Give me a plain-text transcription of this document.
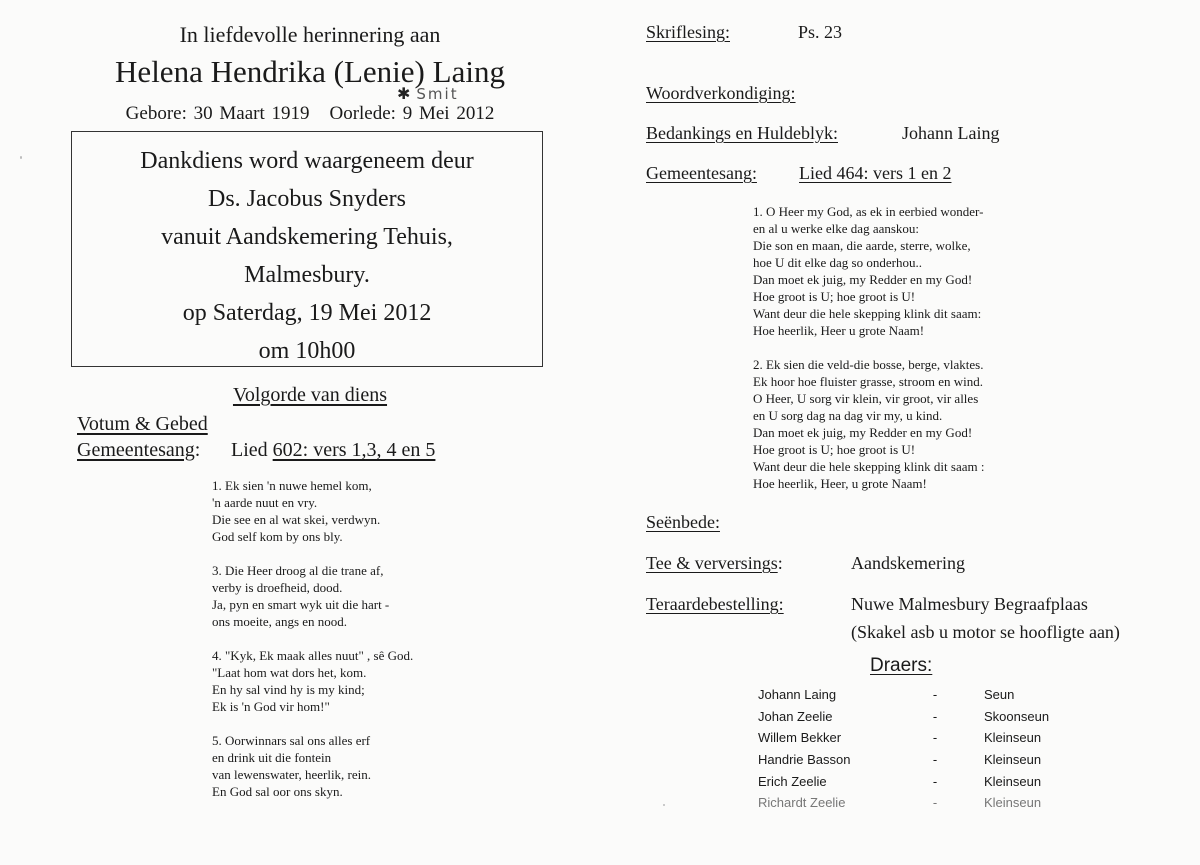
In liefdevolle herinnering aan
Helena Hendrika (Lenie) Laing
✱ Smit
Gebore: 30 Maart 1919 Oorlede: 9 Mei 2012
Dankdiens word waargeneem deur
Ds. Jacobus Snyders
vanuit Aandskemering Tehuis,
Malmesbury.
op Saterdag, 19 Mei 2012
om 10h00
Volgorde van diens
Votum & Gebed
Gemeentesang: Lied 602: vers 1,3, 4 en 5

1. Ek sien 'n nuwe hemel kom,
'n aarde nuut en vry.
Die see en al wat skei, verdwyn.
God self kom by ons bly.

3. Die Heer droog al die trane af,
verby is droefheid, dood.
Ja, pyn en smart wyk uit die hart -
ons moeite, angs en nood.

4. "Kyk, Ek maak alles nuut" , sê God.
"Laat hom wat dors het, kom.
En hy sal vind hy is my kind;
Ek is 'n God vir hom!"

5. Oorwinnars sal ons alles erf
en drink uit die fontein
van lewenswater, heerlik, rein.
En God sal oor ons skyn.

Skriflesing:	Ps. 23
Woordverkondiging:
Bedankings en Huldeblyk:	Johann Laing
Gemeentesang: Lied 464: vers 1 en 2

1. O Heer my God, as ek in eerbied wonder-
en al u werke elke dag aanskou:
Die son en maan, die aarde, sterre, wolke,
hoe U dit elke dag so onderhou..
Dan moet ek juig, my Redder en my God!
Hoe groot is U; hoe groot is U!
Want deur die hele skepping klink dit saam:
Hoe heerlik, Heer u grote Naam!

2. Ek sien die veld-die bosse, berge, vlaktes.
Ek hoor hoe fluister grasse, stroom en wind.
O Heer, U sorg vir klein, vir groot, vir alles
en U sorg dag na dag vir my, u kind.
Dan moet ek juig, my Redder en my God!
Hoe groot is U; hoe groot is U!
Want deur die hele skepping klink dit saam :
Hoe heerlik, Heer, u grote Naam!

Seënbede:
Tee & verversings:	Aandskemering
Teraardebestelling:	Nuwe Malmesbury Begraafplaas
(Skakel asb u motor se hoofligte aan)
Draers:
Johann Laing	-	Seun
Johan Zeelie	-	Skoonseun
Willem Bekker	-	Kleinseun
Handrie Basson	-	Kleinseun
Erich Zeelie	-	Kleinseun
Richardt Zeelie	-	Kleinseun
